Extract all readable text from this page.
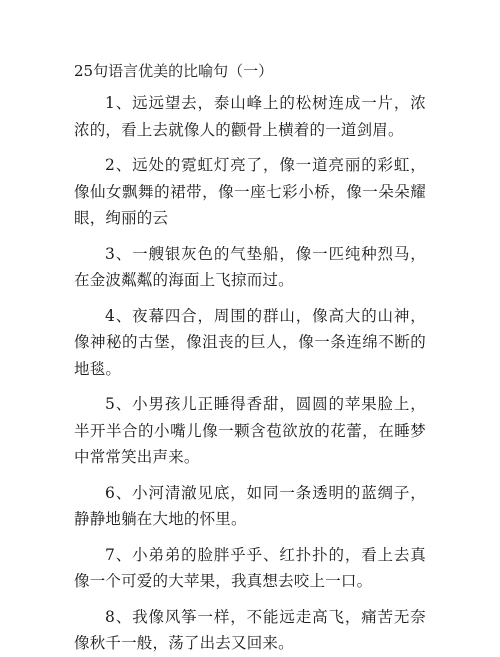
25句语言优美的比喻句（一）

1、远远望去，泰山峰上的松树连成一片，浓浓的，看上去就像人的颧骨上横着的一道剑眉。

2、远处的霓虹灯亮了，像一道亮丽的彩虹，像仙女飘舞的裙带，像一座七彩小桥，像一朵朵耀眼，绚丽的云

3、一艘银灰色的气垫船，像一匹纯种烈马，在金波粼粼的海面上飞掠而过。

4、夜幕四合，周围的群山，像高大的山神，像神秘的古堡，像沮丧的巨人，像一条连绵不断的地毯。

5、小男孩儿正睡得香甜，圆圆的苹果脸上，半开半合的小嘴儿像一颗含苞欲放的花蕾，在睡梦中常常笑出声来。

6、小河清澈见底，如同一条透明的蓝绸子，静静地躺在大地的怀里。

7、小弟弟的脸胖乎乎、红扑扑的，看上去真像一个可爱的大苹果，我真想去咬上一口。

8、我像风筝一样，不能远走高飞，痛苦无奈像秋千一般，荡了出去又回来。
